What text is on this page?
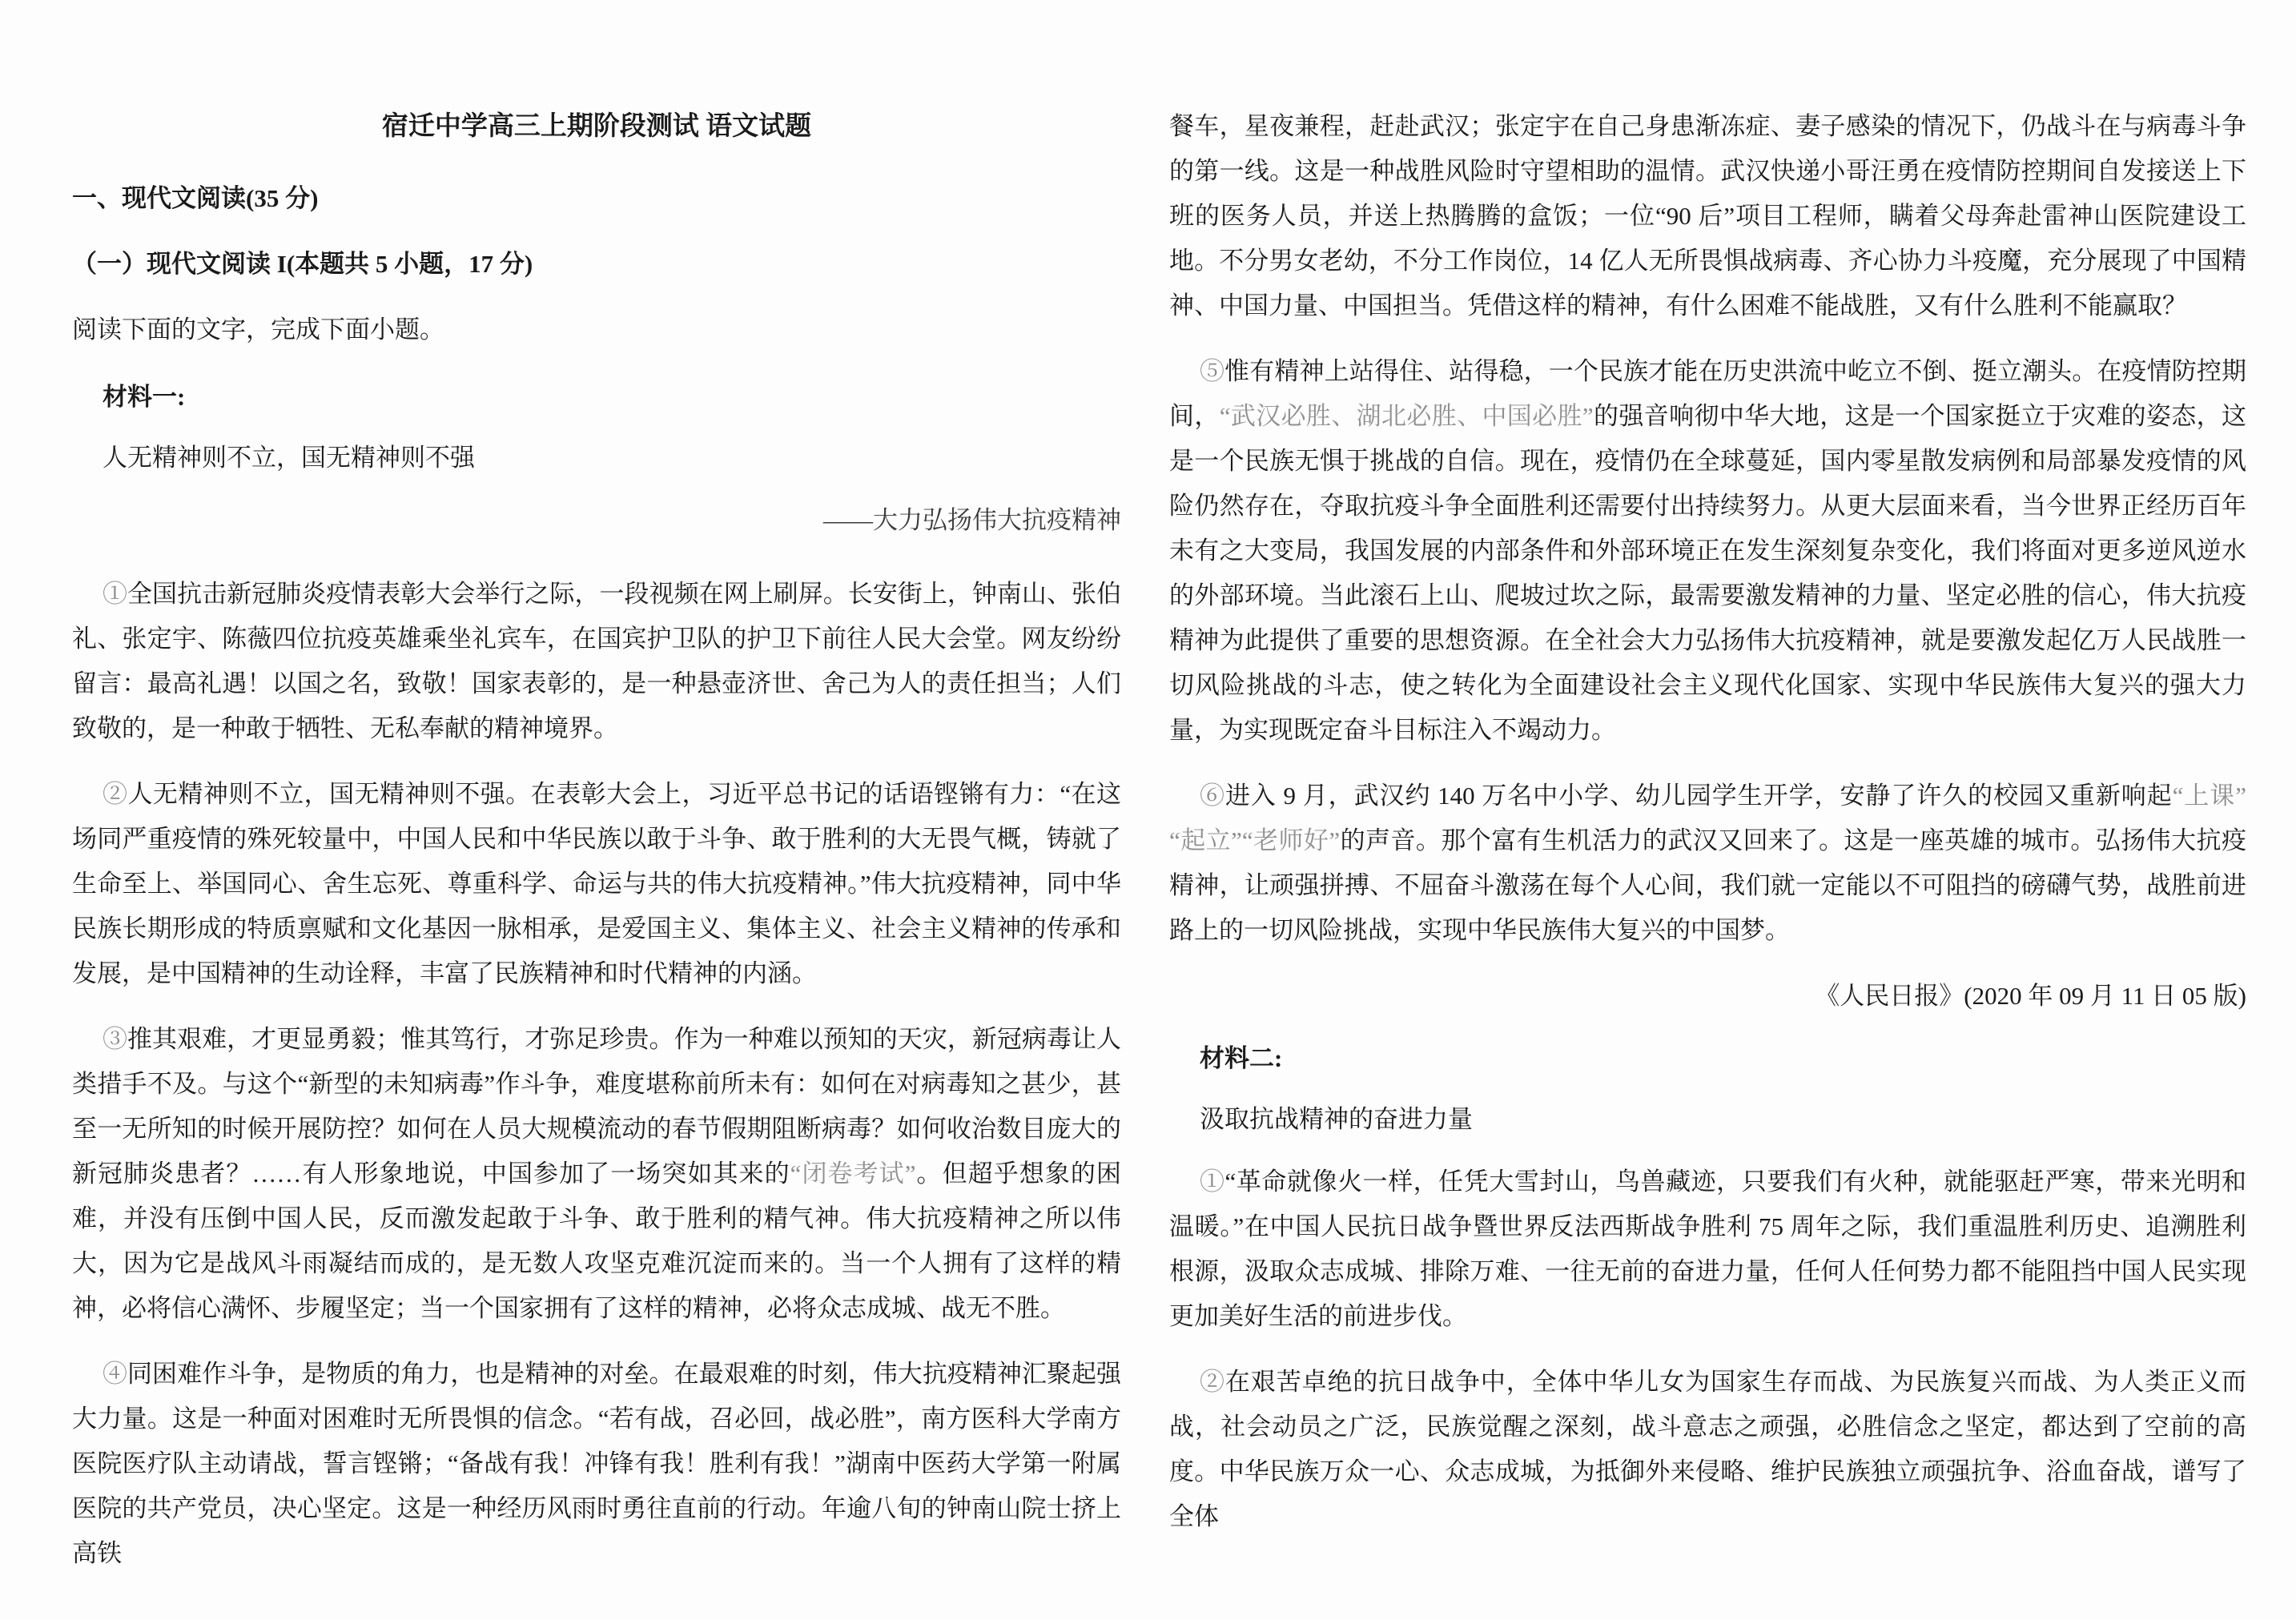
宿迁中学高三上期阶段测试 语文试题
一、现代文阅读(35 分)
（一）现代文阅读 I(本题共 5 小题，17 分)

阅读下面的文字，完成下面小题。

材料一:

人无精神则不立，国无精神则不强

——大力弘扬伟大抗疫精神

①全国抗击新冠肺炎疫情表彰大会举行之际，一段视频在网上刷屏。长安街上，钟南山、张伯礼、张定宇、陈薇四位抗疫英雄乘坐礼宾车，在国宾护卫队的护卫下前往人民大会堂。网友纷纷留言：最高礼遇！以国之名，致敬！国家表彰的，是一种悬壶济世、舍己为人的责任担当；人们致敬的，是一种敢于牺牲、无私奉献的精神境界。

②人无精神则不立，国无精神则不强。在表彰大会上，习近平总书记的话语铿锵有力：“在这场同严重疫情的殊死较量中，中国人民和中华民族以敢于斗争、敢于胜利的大无畏气概，铸就了生命至上、举国同心、舍生忘死、尊重科学、命运与共的伟大抗疫精神。”伟大抗疫精神，同中华民族长期形成的特质禀赋和文化基因一脉相承，是爱国主义、集体主义、社会主义精神的传承和发展，是中国精神的生动诠释，丰富了民族精神和时代精神的内涵。

③推其艰难，才更显勇毅；惟其笃行，才弥足珍贵。作为一种难以预知的天灾，新冠病毒让人类措手不及。与这个“新型的未知病毒”作斗争，难度堪称前所未有：如何在对病毒知之甚少，甚至一无所知的时候开展防控？如何在人员大规模流动的春节假期阻断病毒？如何收治数目庞大的新冠肺炎患者？……有人形象地说，中国参加了一场突如其来的“闭卷考试”。但超乎想象的困难，并没有压倒中国人民，反而激发起敢于斗争、敢于胜利的精气神。伟大抗疫精神之所以伟大，因为它是战风斗雨凝结而成的，是无数人攻坚克难沉淀而来的。当一个人拥有了这样的精神，必将信心满怀、步履坚定；当一个国家拥有了这样的精神，必将众志成城、战无不胜。

④同困难作斗争，是物质的角力，也是精神的对垒。在最艰难的时刻，伟大抗疫精神汇聚起强大力量。这是一种面对困难时无所畏惧的信念。“若有战，召必回，战必胜”，南方医科大学南方医院医疗队主动请战，誓言铿锵；“备战有我！冲锋有我！胜利有我！”湖南中医药大学第一附属医院的共产党员，决心坚定。这是一种经历风雨时勇往直前的行动。年逾八旬的钟南山院士挤上高铁

餐车，星夜兼程，赶赴武汉；张定宇在自己身患渐冻症、妻子感染的情况下，仍战斗在与病毒斗争的第一线。这是一种战胜风险时守望相助的温情。武汉快递小哥汪勇在疫情防控期间自发接送上下班的医务人员，并送上热腾腾的盒饭；一位“90 后”项目工程师，瞒着父母奔赴雷神山医院建设工地。不分男女老幼，不分工作岗位，14 亿人无所畏惧战病毒、齐心协力斗疫魔，充分展现了中国精神、中国力量、中国担当。凭借这样的精神，有什么困难不能战胜，又有什么胜利不能赢取？

⑤惟有精神上站得住、站得稳，一个民族才能在历史洪流中屹立不倒、挺立潮头。在疫情防控期间，“武汉必胜、湖北必胜、中国必胜”的强音响彻中华大地，这是一个国家挺立于灾难的姿态，这是一个民族无惧于挑战的自信。现在，疫情仍在全球蔓延，国内零星散发病例和局部暴发疫情的风险仍然存在，夺取抗疫斗争全面胜利还需要付出持续努力。从更大层面来看，当今世界正经历百年未有之大变局，我国发展的内部条件和外部环境正在发生深刻复杂变化，我们将面对更多逆风逆水的外部环境。当此滚石上山、爬坡过坎之际，最需要激发精神的力量、坚定必胜的信心，伟大抗疫精神为此提供了重要的思想资源。在全社会大力弘扬伟大抗疫精神，就是要激发起亿万人民战胜一切风险挑战的斗志，使之转化为全面建设社会主义现代化国家、实现中华民族伟大复兴的强大力量，为实现既定奋斗目标注入不竭动力。

⑥进入 9 月，武汉约 140 万名中小学、幼儿园学生开学，安静了许久的校园又重新响起“上课”“起立”“老师好”的声音。那个富有生机活力的武汉又回来了。这是一座英雄的城市。弘扬伟大抗疫精神，让顽强拼搏、不屈奋斗激荡在每个人心间，我们就一定能以不可阻挡的磅礴气势，战胜前进路上的一切风险挑战，实现中华民族伟大复兴的中国梦。

《人民日报》(2020 年 09 月 11 日 05 版)

材料二:

汲取抗战精神的奋进力量

①“革命就像火一样，任凭大雪封山，鸟兽藏迹，只要我们有火种，就能驱赶严寒，带来光明和温暖。”在中国人民抗日战争暨世界反法西斯战争胜利 75 周年之际，我们重温胜利历史、追溯胜利根源，汲取众志成城、排除万难、一往无前的奋进力量，任何人任何势力都不能阻挡中国人民实现更加美好生活的前进步伐。

②在艰苦卓绝的抗日战争中，全体中华儿女为国家生存而战、为民族复兴而战、为人类正义而战，社会动员之广泛，民族觉醒之深刻，战斗意志之顽强，必胜信念之坚定，都达到了空前的高度。中华民族万众一心、众志成城，为抵御外来侵略、维护民族独立顽强抗争、浴血奋战，谱写了全体
